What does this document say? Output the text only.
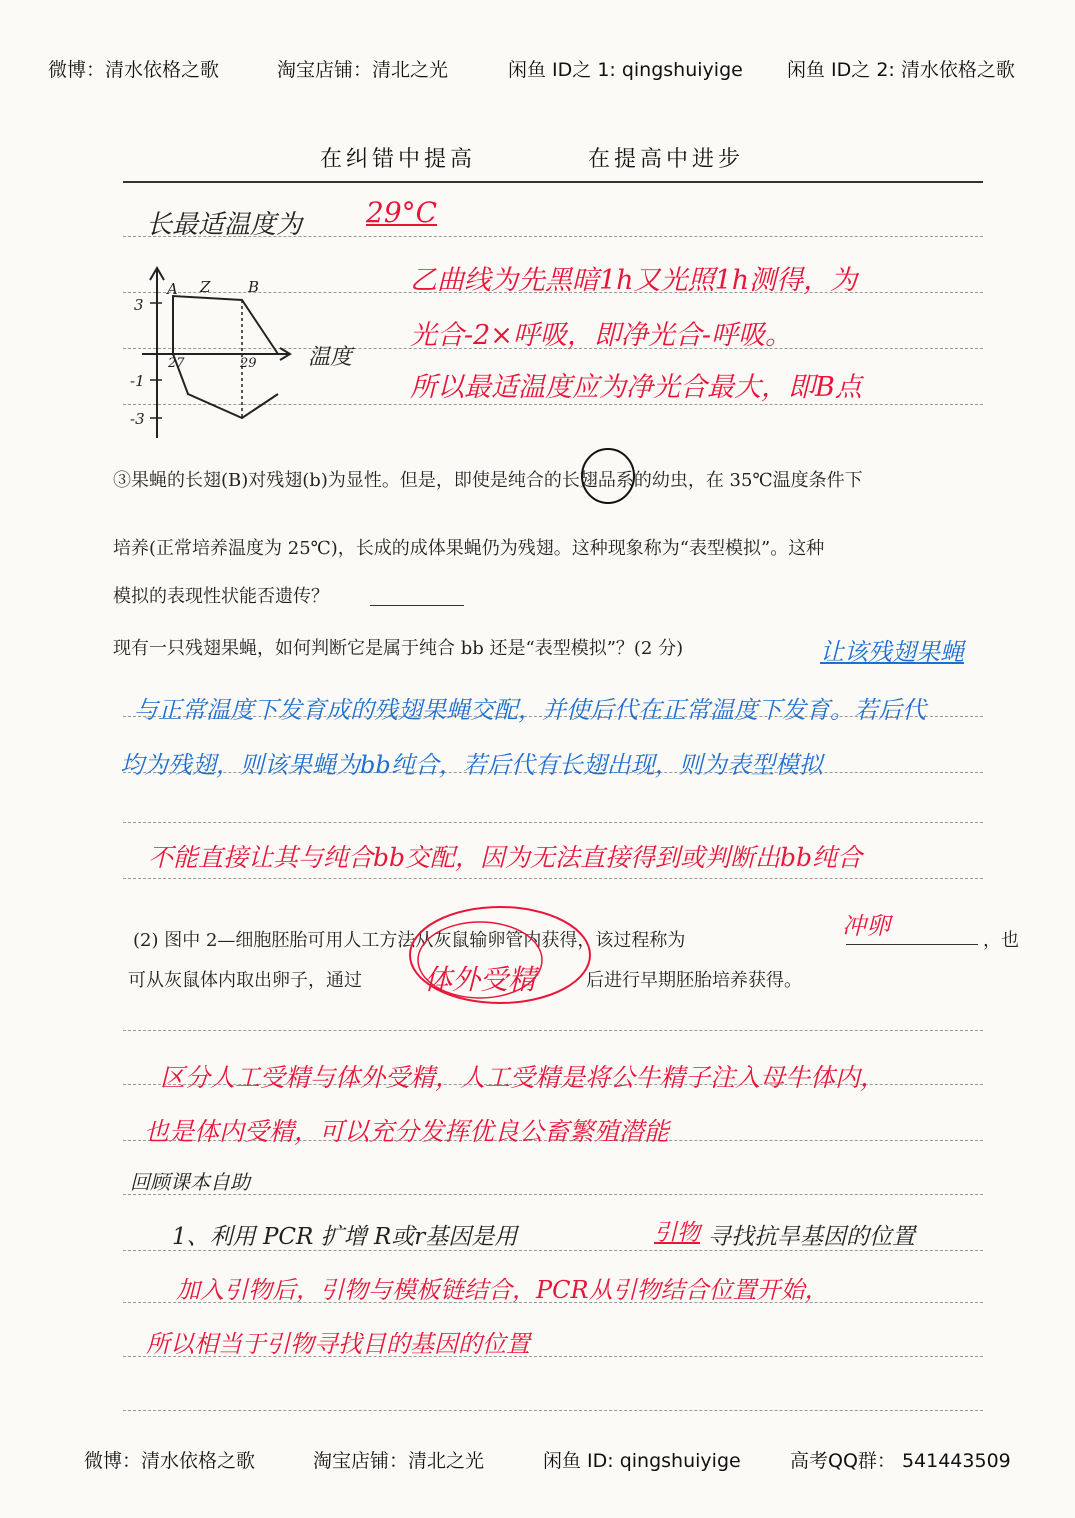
微博：清水依格之歌	淘宝店铺：清北之光	闲鱼 ID之 1: qingshuiyige 闲鱼 ID之 2: 清水依格之歌
在纠错中提高	在提高中进步
长最适温度为 29°C
A Z	B
3
-1
-3
27	29 温度
乙曲线为先黑暗1h又光照1h测得，为
光合-2×呼吸，即净光合-呼吸。
所以最适温度应为净光合最大，即B点
③果蝇的长翅(B)对残翅(b)为显性。但是，即使是纯合的长翅品系的幼虫，在 35℃温度条件下
培养(正常培养温度为 25℃)，长成的成体果蝇仍为残翅。这种现象称为“表型模拟”。这种
模拟的表现性状能否遗传？
现有一只残翅果蝇，如何判断它是属于纯合 bb 还是“表型模拟”？(2 分)	让该残翅果蝇
与正常温度下发育成的残翅果蝇交配，并使后代在正常温度下发育。若后代
均为残翅，则该果蝇为bb纯合，若后代有长翅出现，则为表型模拟
不能直接让其与纯合bb交配，因为无法直接得到或判断出bb纯合
(2) 图中 2—细胞胚胎可用人工方法从灰鼠输卵管内获得，该过程称为	，也
冲卵
可从灰鼠体内取出卵子，通过	后进行早期胚胎培养获得。
体外受精
区分人工受精与体外受精，人工受精是将公牛精子注入母牛体内，
也是体内受精，可以充分发挥优良公畜繁殖潜能
回顾课本自助
1、利用 PCR 扩增 R或r基因是用	引物 寻找抗旱基因的位置
加入引物后，引物与模板链结合，PCR从引物结合位置开始，
所以相当于引物寻找目的基因的位置
微博：清水依格之歌	淘宝店铺：清北之光	闲鱼 ID: qingshuiyige	高考QQ群： 541443509
